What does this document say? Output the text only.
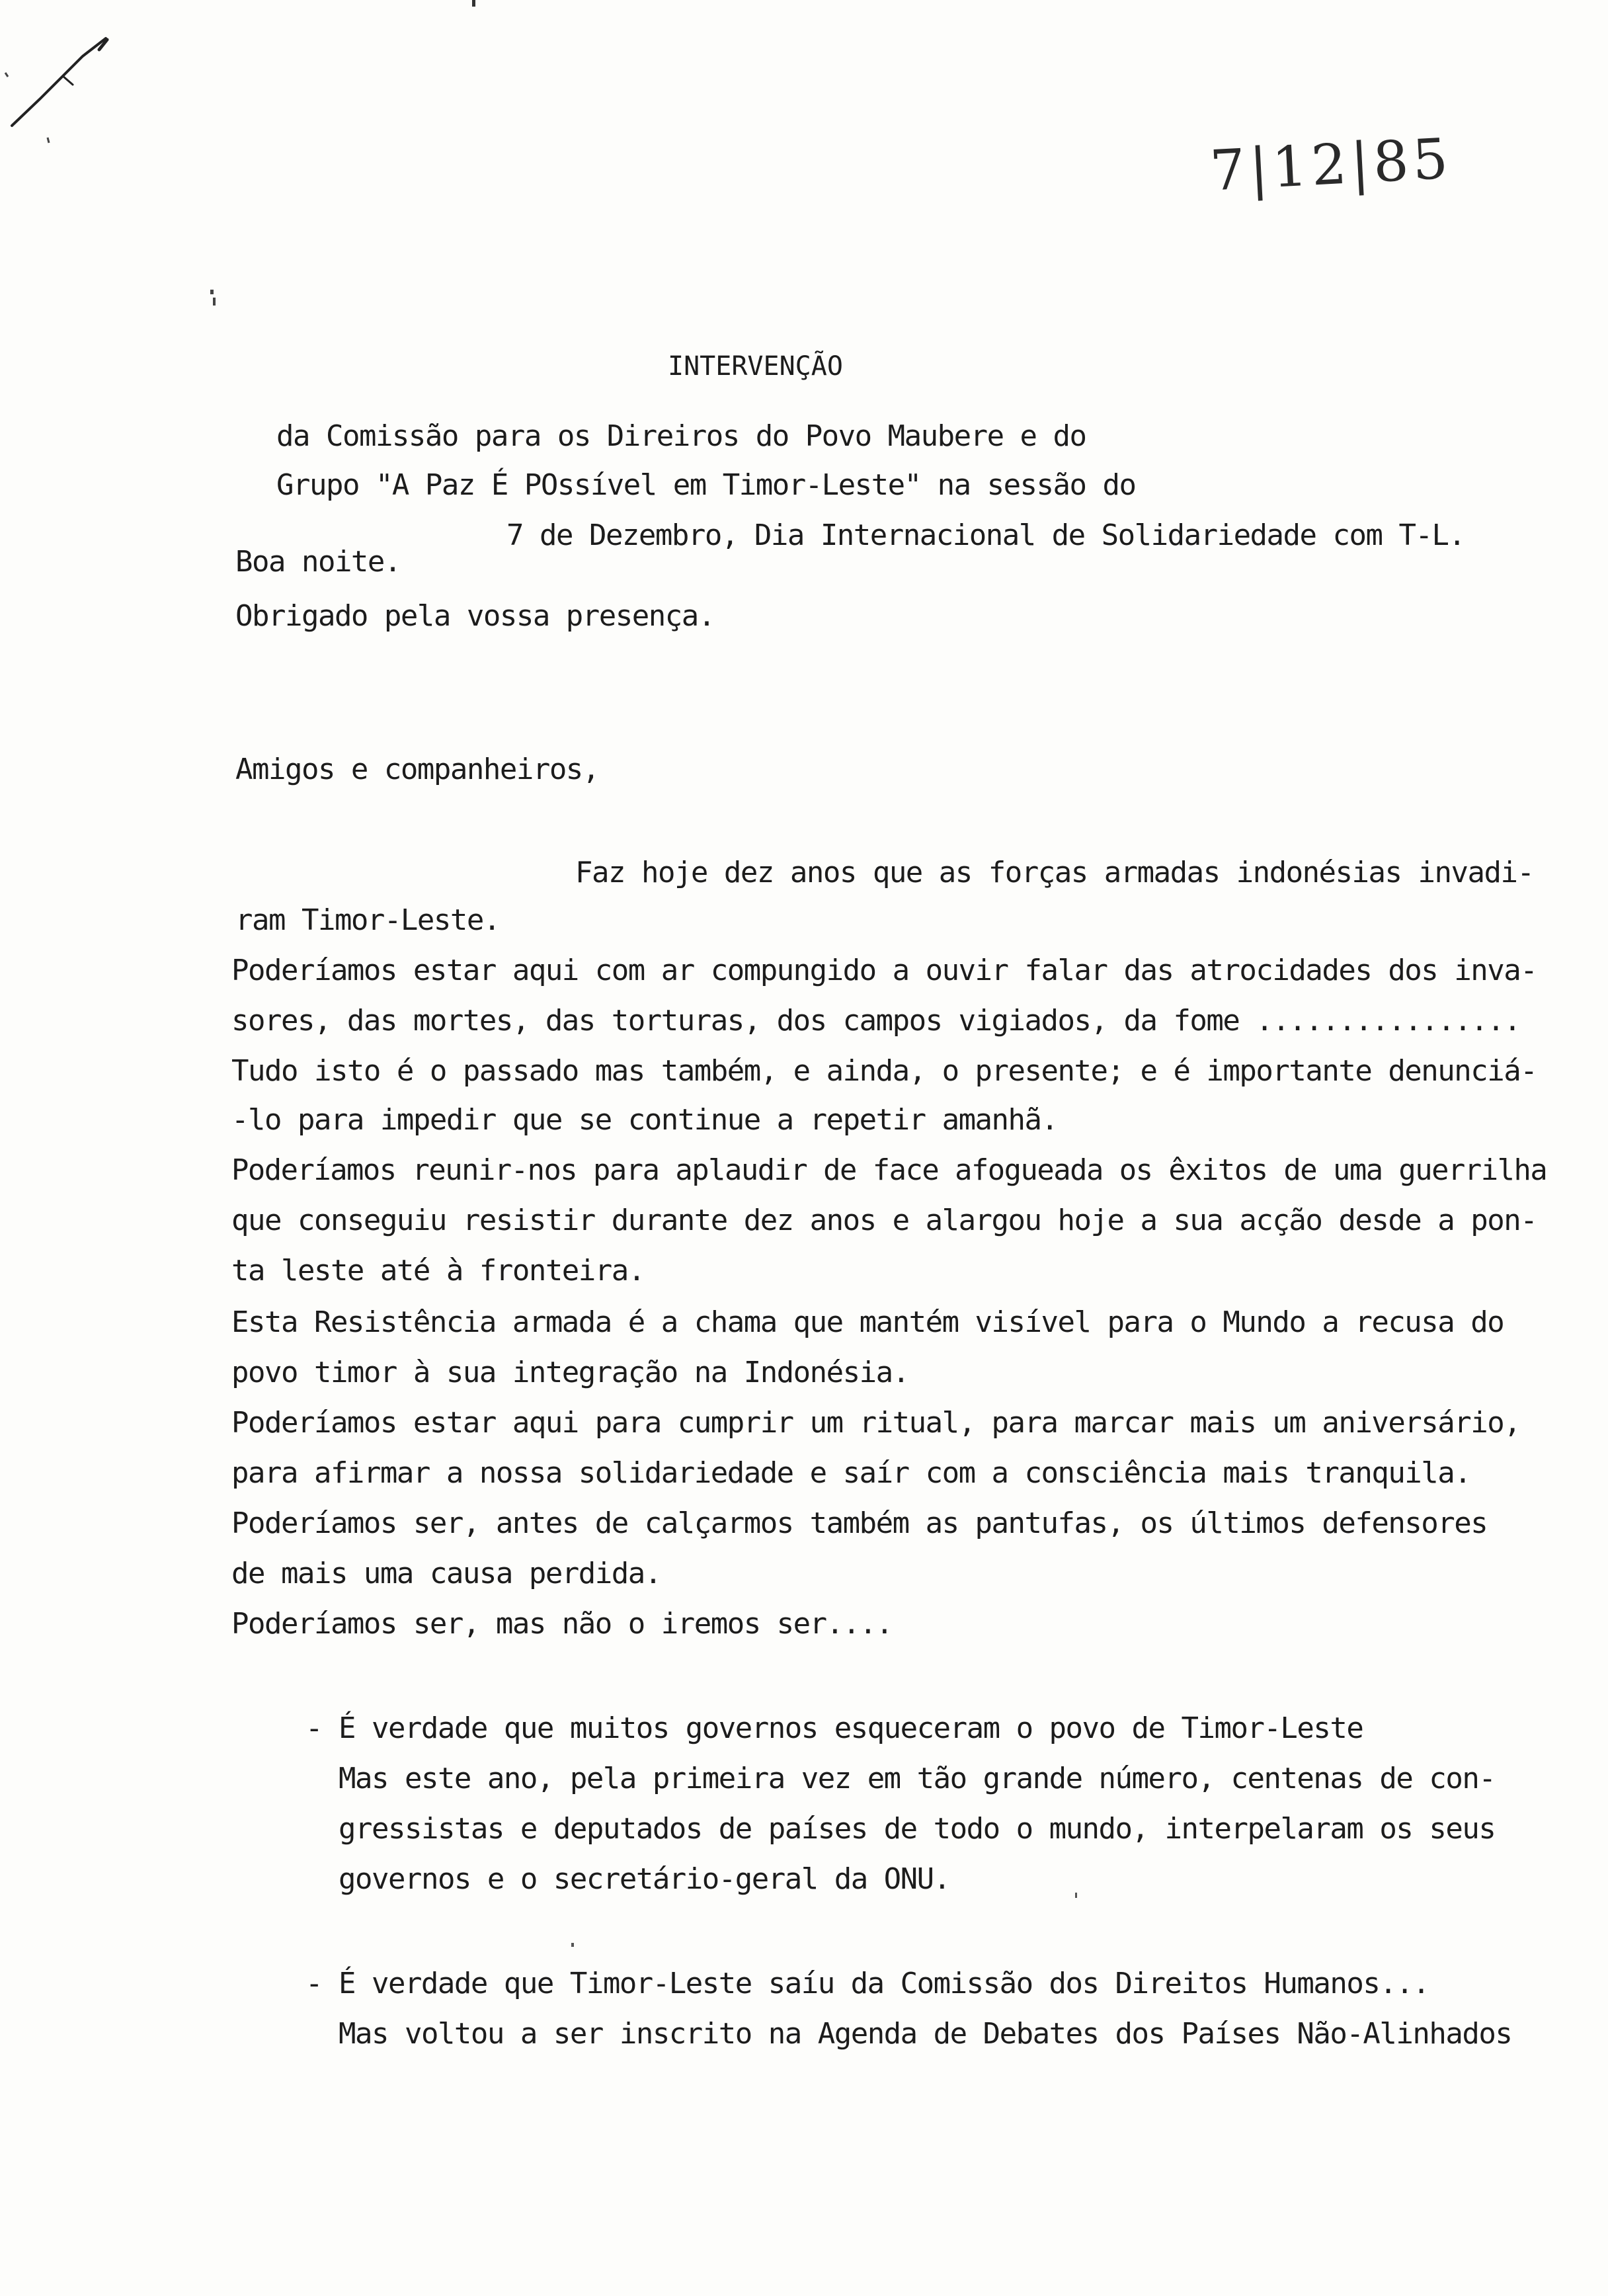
7|12|85
INTERVENÇÃO
da Comissão para os Direiros do Povo Maubere e do
Grupo "A Paz É POssível em Timor-Leste" na sessão do
7 de Dezembro, Dia Internacional de Solidariedade com T-L.
Boa noite.
Obrigado pela vossa presença.
Amigos e companheiros,
Faz hoje dez anos que as forças armadas indonésias invadi-
ram Timor-Leste.
Poderíamos estar aqui com ar compungido a ouvir falar das atrocidades dos inva-
sores, das mortes, das torturas, dos campos vigiados, da fome ................
Tudo isto é o passado mas também, e ainda, o presente; e é importante denunciá-
-lo para impedir que se continue a repetir amanhã.
Poderíamos reunir-nos para aplaudir de face afogueada os êxitos de uma guerrilha
que conseguiu resistir durante dez anos e alargou hoje a sua acção desde a pon-
ta leste até à fronteira.
Esta Resistência armada é a chama que mantém visível para o Mundo a recusa do
povo timor à sua integração na Indonésia.
Poderíamos estar aqui para cumprir um ritual, para marcar mais um aniversário,
para afirmar a nossa solidariedade e saír com a consciência mais tranquila.
Poderíamos ser, antes de calçarmos também as pantufas, os últimos defensores
de mais uma causa perdida.
Poderíamos ser, mas não o iremos ser....
- É verdade que muitos governos esqueceram o povo de Timor-Leste
Mas este ano, pela primeira vez em tão grande número, centenas de con-
gressistas e deputados de países de todo o mundo, interpelaram os seus
governos e o secretário-geral da ONU.
- É verdade que Timor-Leste saíu da Comissão dos Direitos Humanos...
Mas voltou a ser inscrito na Agenda de Debates dos Países Não-Alinhados
